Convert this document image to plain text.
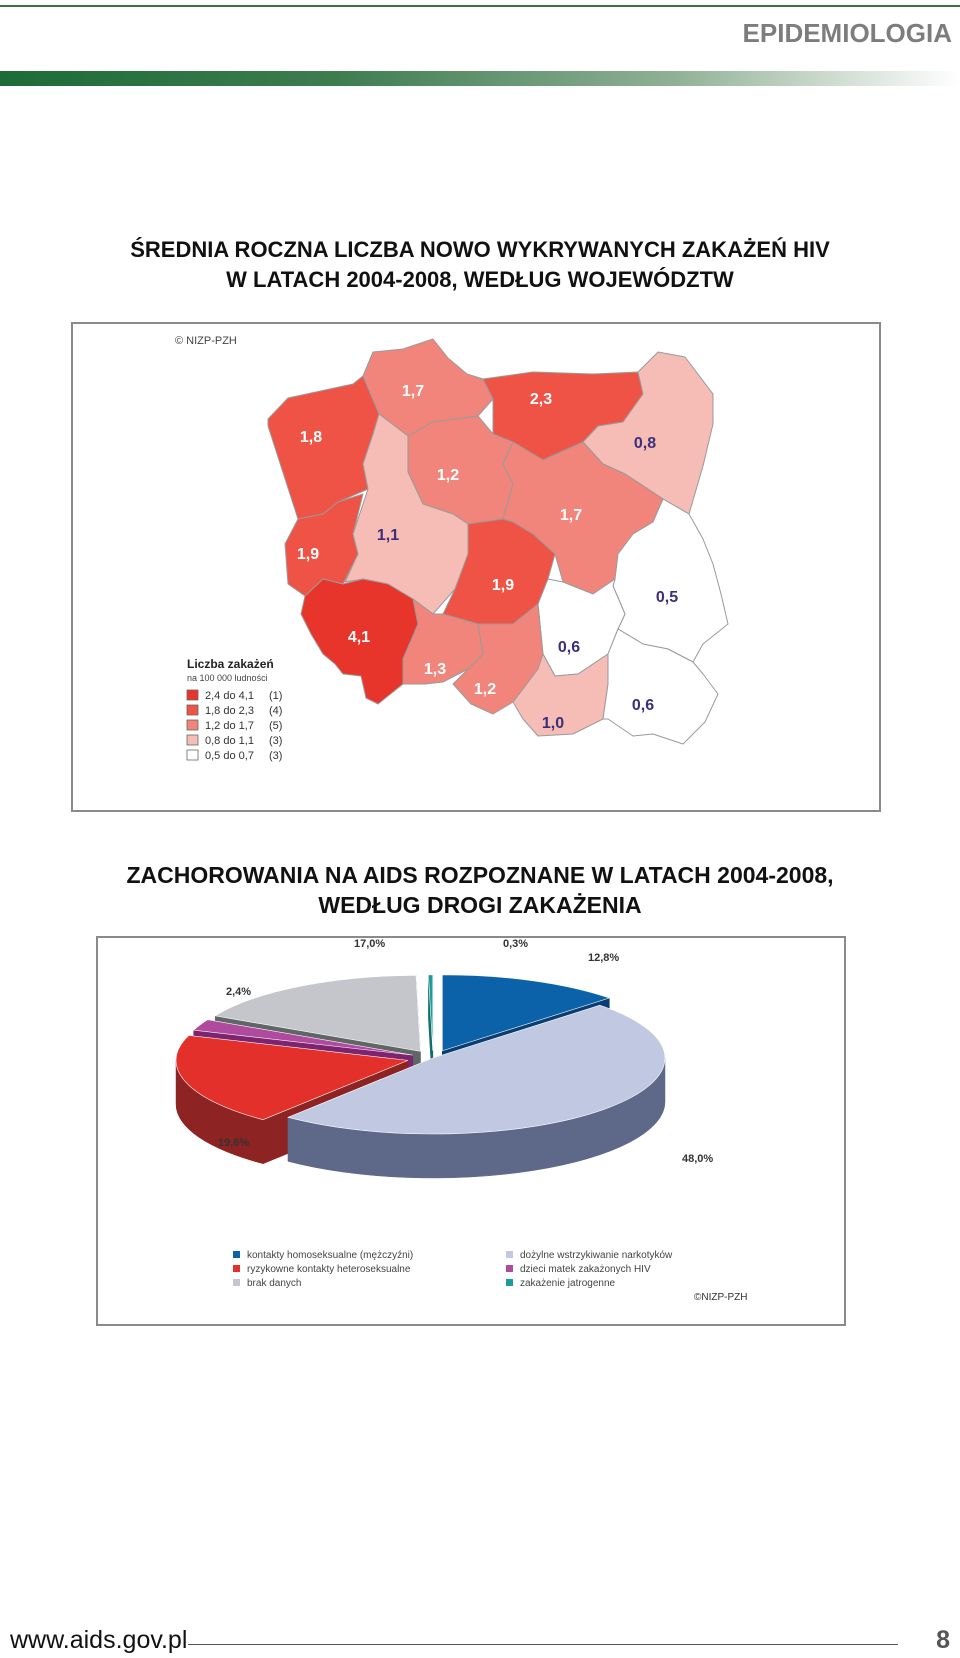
EPIDEMIOLOGIA
ŚREDNIA ROCZNA LICZBA NOWO WYKRYWANYCH ZAKAŻEŃ HIV
W LATACH 2004-2008, WEDŁUG WOJEWÓDZTW
1,8
1,7	2,3
0,8
1,2
1,9
1,1
1,7
1,9
0,5
0,6
4,1
1,3
1,2
1,0
0,6
© NIZP-PZH
Liczba zakażeń
na 100 000 ludności
2,4 do 4,1 (1)
1,8 do 2,3 (4)
1,2 do 1,7 (5)
0,8 do 1,1 (3)
0,5 do 0,7 (3)
ZACHOROWANIA NA AIDS ROZPOZNANE W LATACH 2004-2008,
WEDŁUG DROGI ZAKAŻENIA
12,8%
48,0%
19,6%
2,4%
17,0%	0,3%
kontakty homoseksualne (mężczyźni)
ryzykowne kontakty heteroseksualne
brak danych
dożylne wstrzykiwanie narkotyków
dzieci matek zakażonych HIV
zakażenie jatrogenne
©NIZP-PZH
www.aids.gov.pl	8
